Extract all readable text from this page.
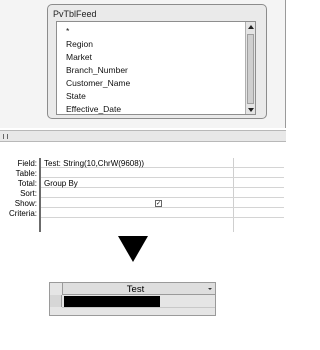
PvTblFeed
*
Region
Market
Branch_Number
Customer_Name
State
Effective_Date
Field:
Table:
Total:
Sort:
Show:
Criteria:
Test: String(10,ChrW(9608))
Group By
✓
Test
